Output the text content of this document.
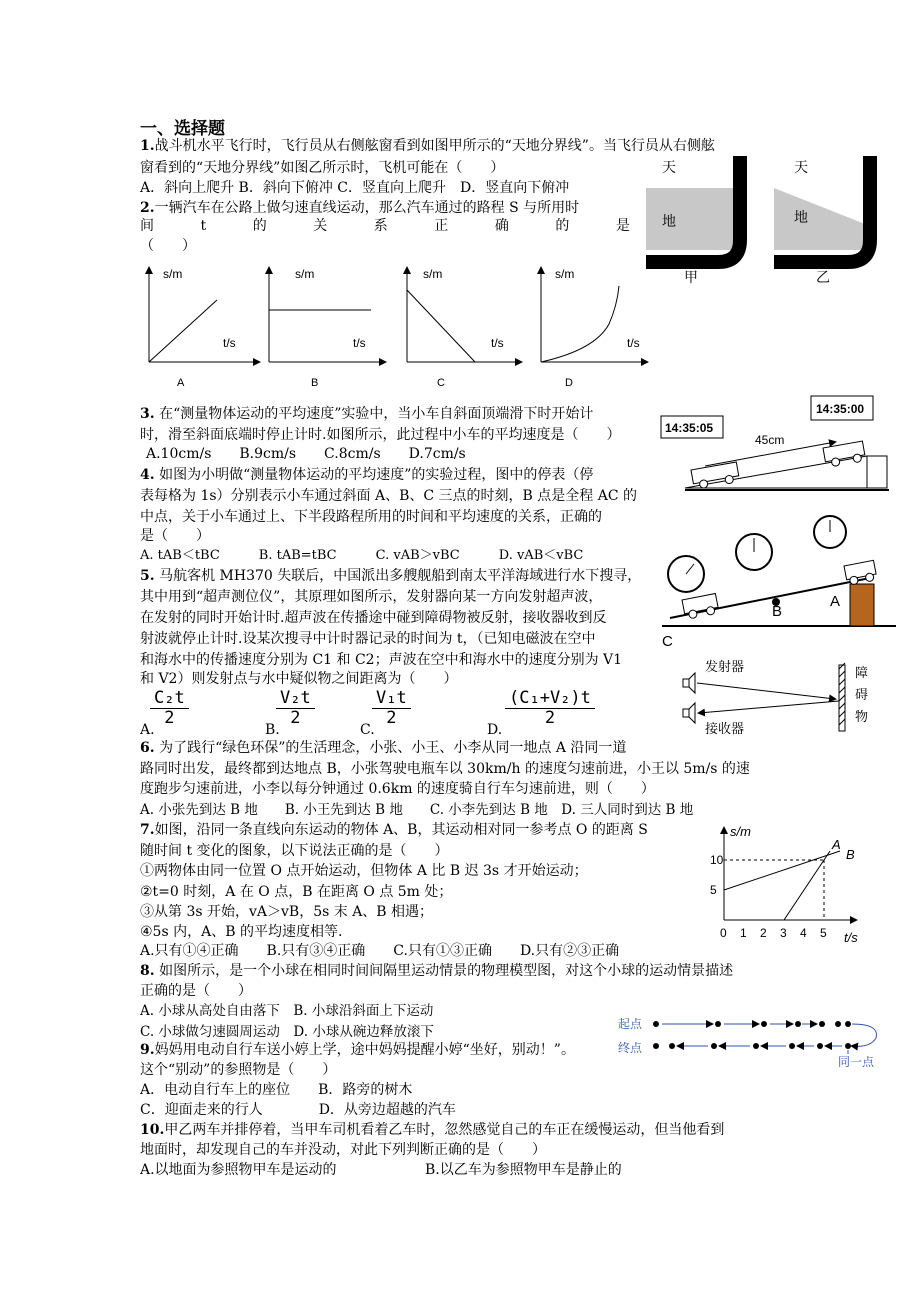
一、选择题
1.战斗机水平飞行时，飞行员从右侧舷窗看到如图甲所示的“天地分界线”。当飞行员从右侧舷
窗看到的“天地分界线”如图乙所示时，飞机可能在（　　）
A．斜向上爬升 B．斜向下俯冲 C．竖直向上爬升　D．竖直向下俯冲
天
地
甲
天
地
乙
2.一辆汽车在公路上做匀速直线运动，那么汽车通过的路程 S 与所用时
间	t	的	关	系	正	确	的	是
（　　）
s/m
t/s
A
s/m
t/s
B
s/m
t/s
C
s/m
t/s
D
3. 在“测量物体运动的平均速度”实验中，当小车自斜面顶端滑下时开始计
时，滑至斜面底端时停止计时.如图所示，此过程中小车的平均速度是（　　）
A.10cm/s　　B.9cm/s　　C.8cm/s　　D.7cm/s
14:35:00
14:35:05
45cm
4. 如图为小明做“测量物体运动的平均速度”的实验过程，图中的停表（停
表每格为 1s）分别表示小车通过斜面 A、B、C 三点的时刻，B 点是全程 AC 的
中点，关于小车通过上、下半段路程所用的时间和平均速度的关系，正确的
是（　　）
A. tAB＜tBC　　　B. tAB=tBC　　　C. vAB＞vBC　　　D. vAB＜vBC
B
A
C
5. 马航客机 MH370 失联后，中国派出多艘舰船到南太平洋海域进行水下搜寻，
其中用到“超声测位仪”，其原理如图所示，发射器向某一方向发射超声波，
在发射的同时开始计时.超声波在传播途中碰到障碍物被反射，接收器收到反
射波就停止计时.设某次搜寻中计时器记录的时间为 t，（已知电磁波在空中
和海水中的传播速度分别为 C1 和 C2；声波在空中和海水中的速度分别为 V1
和 V2）则发射点与水中疑似物之间距离为（　　）
A.
$\frac{\text{C₂t}}{2}$
B.
$\frac{\text{V₂t}}{2}$
C.
$\frac{\text{V₁t}}{2}$
D.
$\frac{\text{(C₁+V₂)t}}{2}$
发射器
接收器
障
碍
物
6. 为了践行“绿色环保”的生活理念，小张、小王、小李从同一地点 A 沿同一道
路同时出发，最终都到达地点 B，小张驾驶电瓶车以 30km/h 的速度匀速前进，小王以 5m/s 的速
度跑步匀速前进，小李以每分钟通过 0.6km 的速度骑自行车匀速前进，则（　　）
A. 小张先到达 B 地　　B. 小王先到达 B 地　　C. 小李先到达 B 地　D. 三人同时到达 B 地
7.如图，沿同一条直线向东运动的物体 A、B，其运动相对同一参考点 O 的距离 S
随时间 t 变化的图象，以下说法正确的是（　　）
①两物体由同一位置 O 点开始运动，但物体 A 比 B 迟 3s 才开始运动；
②t=0 时刻，A 在 O 点，B 在距离 O 点 5m 处；
③从第 3s 开始，vA＞vB，5s 末 A、B 相遇；
④5s 内，A、B 的平均速度相等.
A.只有①④正确　　B.只有③④正确　　C.只有①③正确　　D.只有②③正确
s/m
t/s
0 1 2 3 4 5
5
10
A
B
8. 如图所示，是一个小球在相同时间间隔里运动情景的物理模型图，对这个小球的运动情景描述
正确的是（　　）
A. 小球从高处自由落下　B. 小球沿斜面上下运动
C. 小球做匀速圆周运动　D. 小球从碗边释放滚下	起点
终点
同一点
9.妈妈用电动自行车送小婷上学，途中妈妈提醒小婷“坐好，别动！”。
这个“别动”的参照物是（　　）
A．电动自行车上的座位　　B．路旁的树木
C．迎面走来的行人　　　　D．从旁边超越的汽车
10.甲乙两车并排停着，当甲车司机看着乙车时，忽然感觉自己的车正在缓慢运动，但当他看到
地面时，却发现自己的车并没动，对此下列判断正确的是（　　）
A.以地面为参照物甲车是运动的	B.以乙车为参照物甲车是静止的
